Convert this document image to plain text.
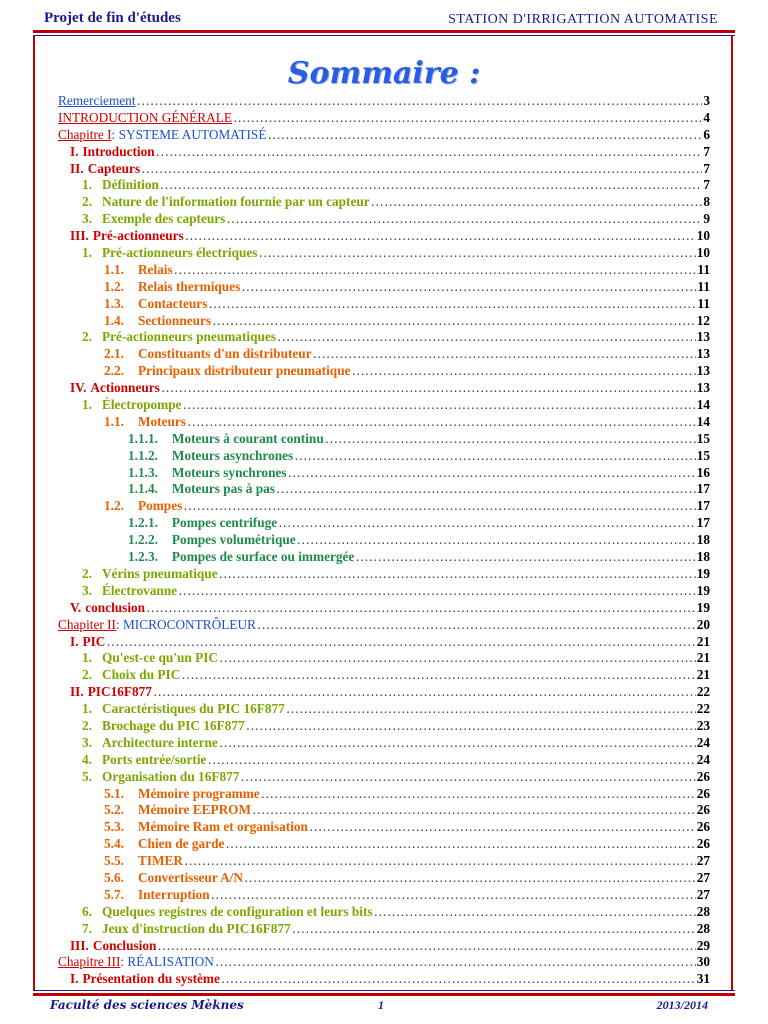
Projet de fin d'études	STATION D'IRRIGATTION AUTOMATISE
Sommaire :
Remerciement ……………………………………………………………………………………………………………………………………………………………………………………………………	3
INTRODUCTION GÉNÉRALE ……………………………………………………………………………………………………………………………………………………………………………………………………	4
Chapitre I : SYSTEME AUTOMATISÉ ……………………………………………………………………………………………………………………………………………………………………………………………………	6
I. Introduction ……………………………………………………………………………………………………………………………………………………………………………………………………	7
II. Capteurs ……………………………………………………………………………………………………………………………………………………………………………………………………	7
1. Définition ……………………………………………………………………………………………………………………………………………………………………………………………………	7
2. Nature de l'information fournie par un capteur ……………………………………………………………………………………………………………………………………………………………………………………………………	8
3. Exemple des capteurs ……………………………………………………………………………………………………………………………………………………………………………………………………	9
III. Pré-actionneurs ……………………………………………………………………………………………………………………………………………………………………………………………………	10
1. Pré-actionneurs électriques ……………………………………………………………………………………………………………………………………………………………………………………………………	10
1.1. Relais ……………………………………………………………………………………………………………………………………………………………………………………………………	11
1.2. Relais thermiques ……………………………………………………………………………………………………………………………………………………………………………………………………	11
1.3. Contacteurs ……………………………………………………………………………………………………………………………………………………………………………………………………	11
1.4. Sectionneurs ……………………………………………………………………………………………………………………………………………………………………………………………………	12
2. Pré-actionneurs pneumatiques ……………………………………………………………………………………………………………………………………………………………………………………………………	13
2.1. Constituants d'un distributeur ……………………………………………………………………………………………………………………………………………………………………………………………………	13
2.2. Principaux distributeur pneumatique ……………………………………………………………………………………………………………………………………………………………………………………………………	13
IV. Actionneurs ……………………………………………………………………………………………………………………………………………………………………………………………………	13
1. Électropompe ……………………………………………………………………………………………………………………………………………………………………………………………………	14
1.1. Moteurs ……………………………………………………………………………………………………………………………………………………………………………………………………	14
1.1.1. Moteurs à courant continu ……………………………………………………………………………………………………………………………………………………………………………………………………	15
1.1.2. Moteurs asynchrones ……………………………………………………………………………………………………………………………………………………………………………………………………	15
1.1.3. Moteurs synchrones ……………………………………………………………………………………………………………………………………………………………………………………………………	16
1.1.4. Moteurs pas à pas ……………………………………………………………………………………………………………………………………………………………………………………………………	17
1.2. Pompes ……………………………………………………………………………………………………………………………………………………………………………………………………	17
1.2.1. Pompes centrifuge ……………………………………………………………………………………………………………………………………………………………………………………………………	17
1.2.2. Pompes volumétrique ……………………………………………………………………………………………………………………………………………………………………………………………………	18
1.2.3. Pompes de surface ou immergée ……………………………………………………………………………………………………………………………………………………………………………………………………	18
2. Vérins pneumatique ……………………………………………………………………………………………………………………………………………………………………………………………………	19
3. Électrovanne ……………………………………………………………………………………………………………………………………………………………………………………………………	19
V. conclusion ……………………………………………………………………………………………………………………………………………………………………………………………………	19
Chapiter II : MICROCONTRÔLEUR ……………………………………………………………………………………………………………………………………………………………………………………………………	20
I. PIC ……………………………………………………………………………………………………………………………………………………………………………………………………	21
1. Qu'est-ce qu'un PIC ……………………………………………………………………………………………………………………………………………………………………………………………………	21
2. Choix du PIC ……………………………………………………………………………………………………………………………………………………………………………………………………	21
II. PIC16F877 ……………………………………………………………………………………………………………………………………………………………………………………………………	22
1. Caractéristiques du PIC 16F877 ……………………………………………………………………………………………………………………………………………………………………………………………………	22
2. Brochage du PIC 16F877 ……………………………………………………………………………………………………………………………………………………………………………………………………	23
3. Architecture interne ……………………………………………………………………………………………………………………………………………………………………………………………………	24
4. Ports entrée/sortie ……………………………………………………………………………………………………………………………………………………………………………………………………	24
5. Organisation du 16F877 ……………………………………………………………………………………………………………………………………………………………………………………………………	26
5.1. Mémoire programme ……………………………………………………………………………………………………………………………………………………………………………………………………	26
5.2. Mémoire EEPROM ……………………………………………………………………………………………………………………………………………………………………………………………………	26
5.3. Mémoire Ram et organisation ……………………………………………………………………………………………………………………………………………………………………………………………………	26
5.4. Chien de garde ……………………………………………………………………………………………………………………………………………………………………………………………………	26
5.5. TIMER ……………………………………………………………………………………………………………………………………………………………………………………………………	27
5.6. Convertisseur A/N ……………………………………………………………………………………………………………………………………………………………………………………………………	27
5.7. Interruption ……………………………………………………………………………………………………………………………………………………………………………………………………	27
6. Quelques registres de configuration et leurs bits ……………………………………………………………………………………………………………………………………………………………………………………………………	28
7. Jeux d'instruction du PIC16F877 ……………………………………………………………………………………………………………………………………………………………………………………………………	28
III. Conclusion ……………………………………………………………………………………………………………………………………………………………………………………………………	29
Chapitre III : RÉALISATION ……………………………………………………………………………………………………………………………………………………………………………………………………	30
I. Présentation du système ……………………………………………………………………………………………………………………………………………………………………………………………………	31
Faculté des sciences Mèknes	1	2013/2014
